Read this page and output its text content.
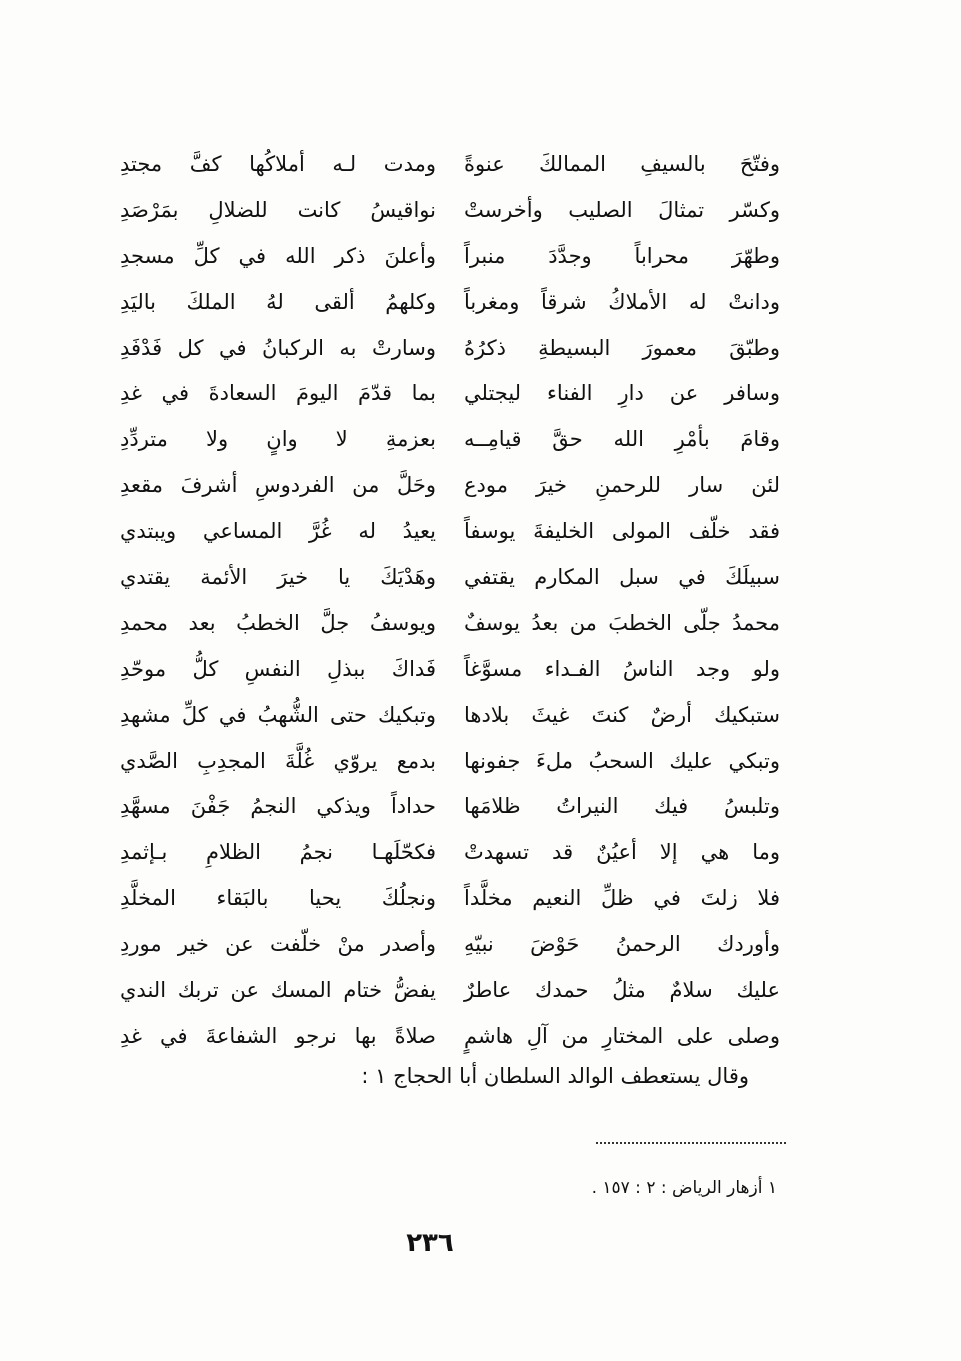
وفتّحَ بالسيفِ الممالكَ عنوةً
ومدت لـه أملاكُها كفَّ مجتدِ
وكسّر تمثالَ الصليب وأخرستْ
نواقيسُ كانت للضلالِ بمَرْصَدِ
وطهّرَ محراباً وجدَّدَ منبراً
وأعلنَ ذكر الله في كلِّ مسجدِ
ودانتْ له الأملاكُ شرقاً ومغرباً
وكلهمُ ألقى لهُ الملكَ باليَدِ
وطبّقَ معمورَ البسيطةِ ذكرُهُ
وسارتْ به الركبانُ في كل فَدْفَدِ
وسافر عن دارِ الفناء ليجتلي
بما قدّمَ اليومَ السعادةَ في غدِ
وقامَ بأمْرِ الله حقَّ قيامِــه
بعزمةِ لا وانٍ ولا متردِّدِ
لئن سار للرحمنِ خيرَ مودع
وحَلَّ من الفردوسِ أشرفَ مقعدِ
فقد خلّف المولى الخليفةَ يوسفاً
يعيدُ له غُرَّ المساعي ويبتدي
سبيلَكَ في سبل المكارم يقتفي
وهَدْيَكَ يا خيرَ الأئمة يقتدي
محمدُ جلّى الخطبَ من بعدُ يوسفٌ
ويوسفُ جلَّ الخطبُ بعد محمدِ
ولو وجد الناسُ الفـداء مسوَّغاً
فَداكَ ببذلِ النفسِ كلُّ موحّدِ
ستبكيك أرضٌ كنتَ غيثَ بلادها
وتبكيك حتى الشُّهبُ في كلِّ مشهدِ
وتبكي عليك السحبُ ملءَ جفونها
بدمع يروّي غُلَّةَ المجدِبِ الصَّدي
وتلبسُ فيك النيراتُ ظلامَها
حداداً ويذكي النجمُ جَفْنَ مسهَّدِ
وما هي إلا أعيُنٌ قد تسهدتْ
فكحّلَهـا نجمُ الظلامِ بـإثمدِ
فلا زلتَ في ظلِّ النعيم مخلَّداً
ونجلُكَ يحيا بالبَقاء المخلَّدِ
وأوردك الرحمنُ حَوْضَ نبيّهِ
وأصدر منْ خلّفت عن خير موردِ
عليك سلامٌ مثلُ حمدك عاطرٌ
يفضُّ ختام المسك عن تربك الندي
وصلى على المختارِ من آلِ هاشمٍ
صلاةً بها نرجو الشفاعةَ في غدِ
وقال يستعطف الوالد السلطان أبا الحجاج ١ :
١ أزهار الرياض : ٢ : ١٥٧ .
٢٣٦
